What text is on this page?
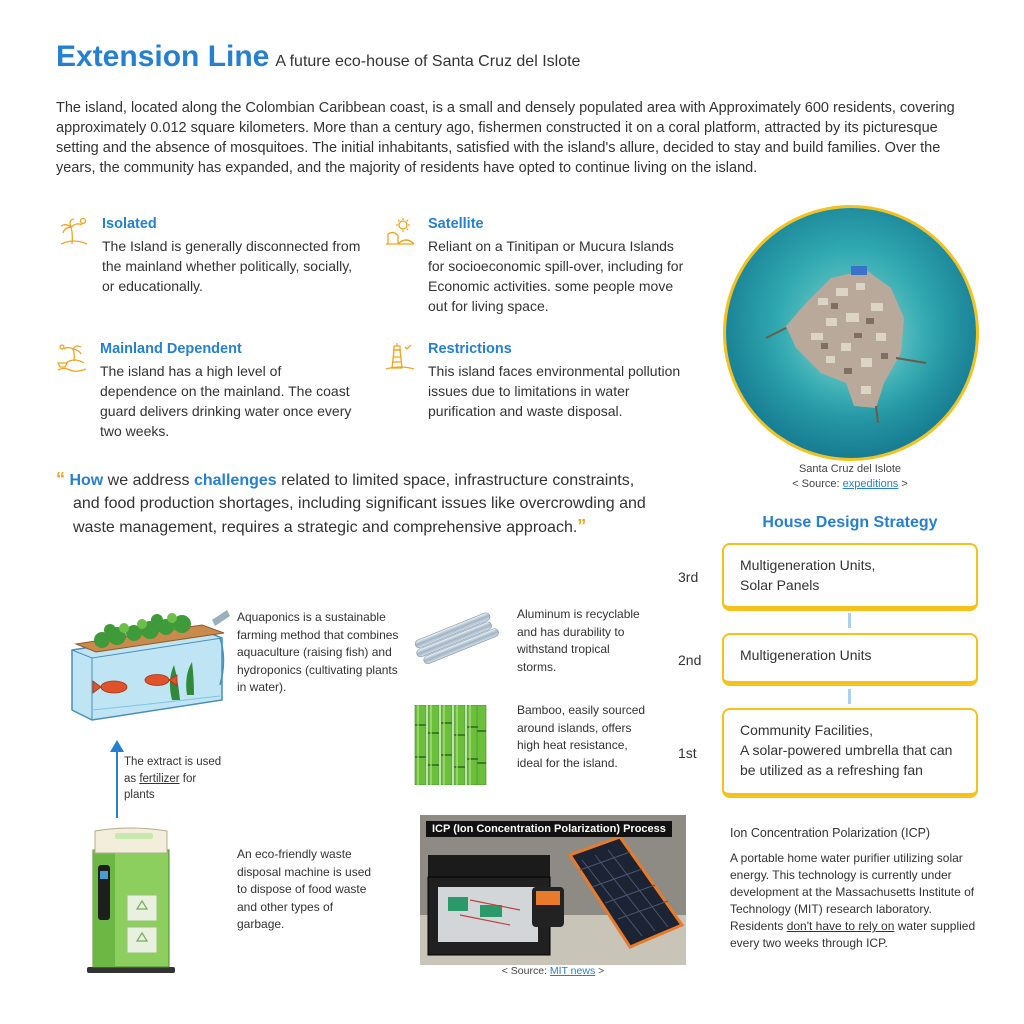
Extension Line A future eco-house of Santa Cruz del Islote

The island, located along the Colombian Caribbean coast, is a small and densely populated area with Approximately 600 residents, covering approximately 0.012 square kilometers. More than a century ago, fishermen constructed it on a coral platform, attracted by its picturesque setting and the absence of mosquitoes. The initial inhabitants, satisfied with the island's allure, decided to stay and build families. Over the years, the community has expanded, and the majority of residents have opted to continue living on the island.

Isolated
The Island is generally disconnected from the mainland whether politically, socially, or educationally.
Satellite
Reliant on a Tinitipan or Mucura Islands for socioeconomic spill-over, including for Economic activities. some people move out for living space.
Mainland Dependent
The island has a high level of dependence on the mainland. The coast guard delivers drinking water once every two weeks.
Restrictions
This island faces environmental pollution issues due to limitations in water purification and waste disposal.
Santa Cruz del Islote
< Source: expeditions >
“ How we address challenges related to limited space, infrastructure constraints, and food production shortages, including significant issues like overcrowding and waste management, requires a strategic and comprehensive approach.”	House Design Strategy
3rd
Multigeneration Units,
Solar Panels
2nd	Multigeneration Units
1st
Community Facilities,
A solar-powered umbrella that can be utilized as a refreshing fan
Aquaponics is a sustainable farming method that combines aquaculture (raising fish) and hydroponics (cultivating plants in water).
The extract is used as fertilizer for plants
Aluminum is recyclable and has durability to withstand tropical storms.
Bamboo, easily sourced around islands, offers high heat resistance, ideal for the island.
An eco-friendly waste disposal machine is used to dispose of food waste and other types of garbage.
ICP (Ion Concentration Polarization) Process
< Source: MIT news >
Ion Concentration Polarization (ICP)
A portable home water purifier utilizing solar energy. This technology is currently under development at the Massachusetts Institute of Technology (MIT) research laboratory. Residents don't have to rely on water supplied every two weeks through ICP.
